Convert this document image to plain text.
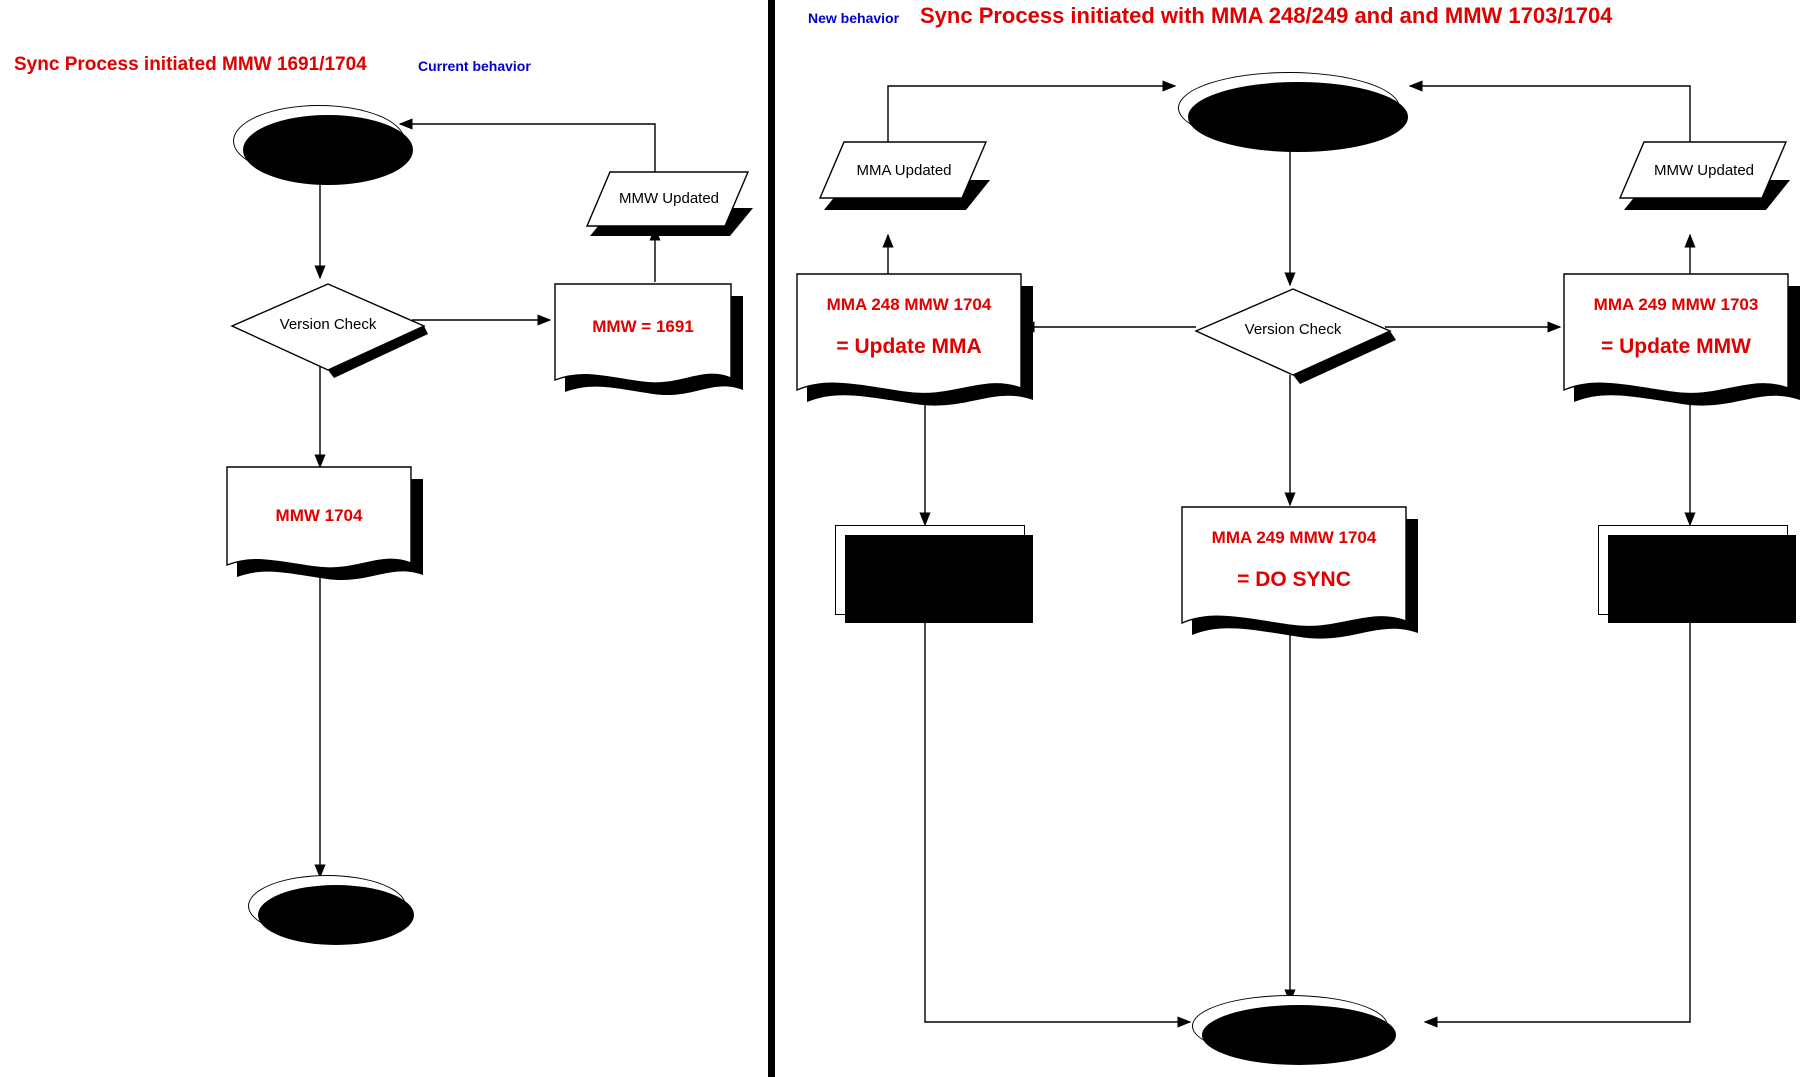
Sync Process initiated MMW 1691/1704	Current behavior
New behavior Sync Process initiated with MMA 248/249 and and MMW 1703/1704
Sync Started
Version Check
MMW Updated
MMW = 1691
MMW 1704
Sync END
Sync Started
Version Check
MMA Updated	MMW Updated
MMA 248 MMW 1704
= Update MMA
MMA 249 MMW 1703
= Update MMW
MMA 249 MMW 1704
= DO SYNC
MMA Not Updated	MMW Not Updated
Sync END
